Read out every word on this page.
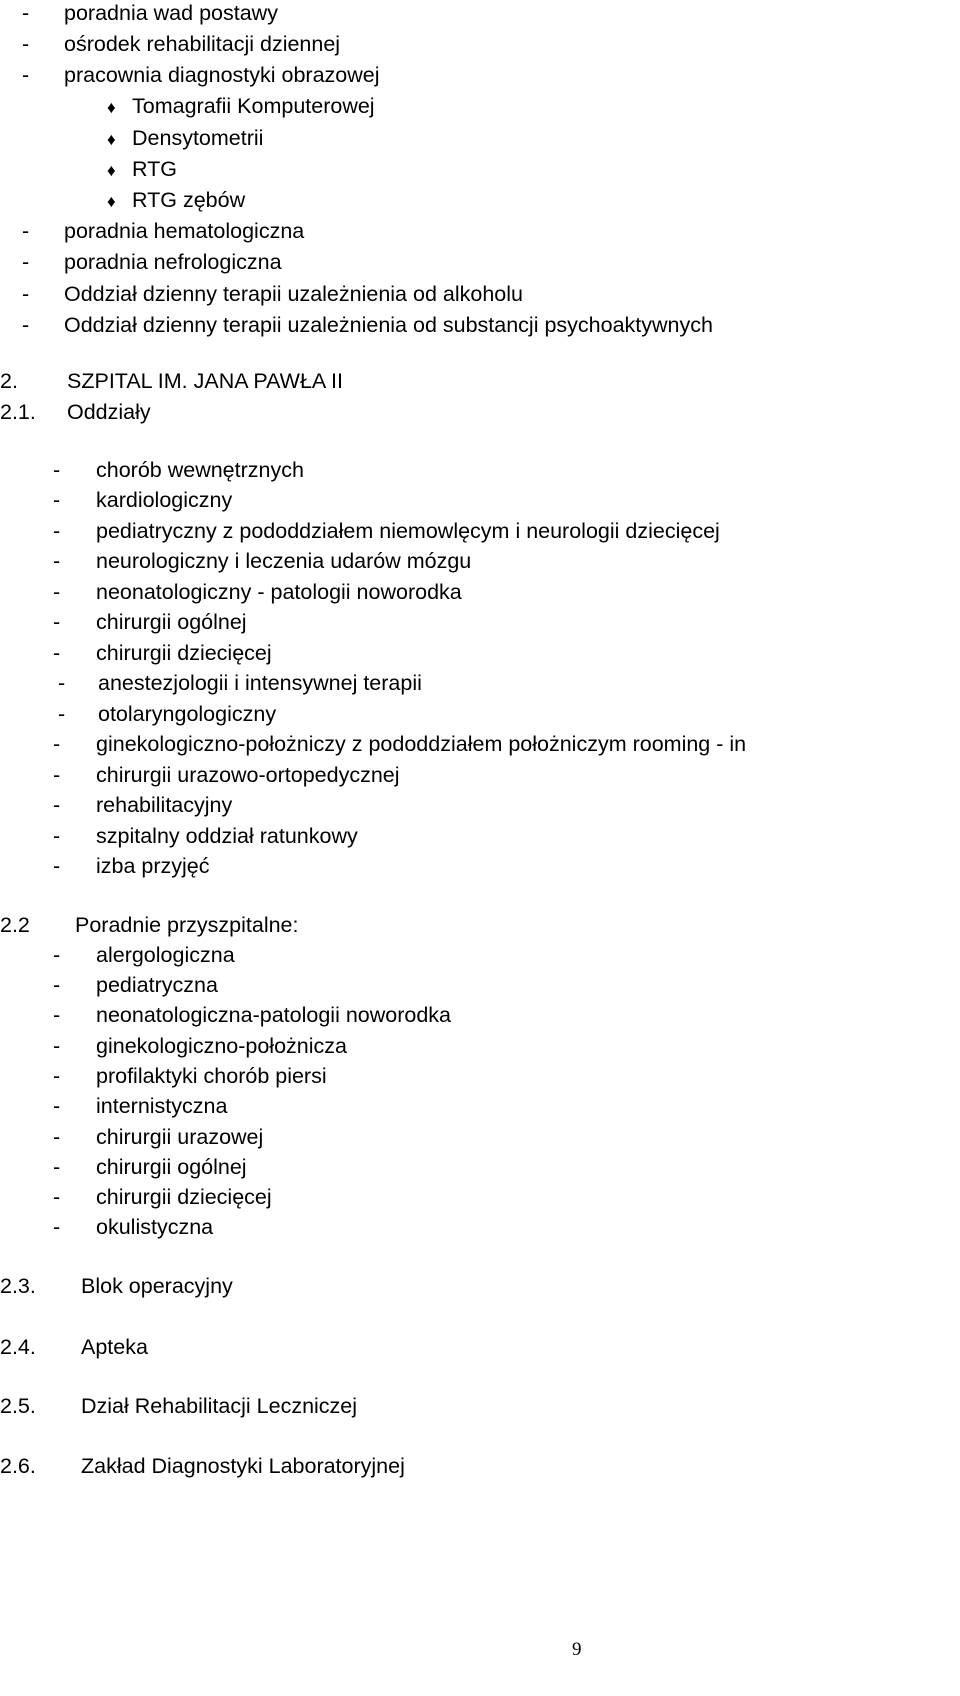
- poradnia wad postawy
- ośrodek rehabilitacji dziennej
- pracownia diagnostyki obrazowej
♦ Tomagrafii Komputerowej
♦ Densytometrii
♦ RTG
♦ RTG zębów
- poradnia hematologiczna
- poradnia nefrologiczna
- Oddział dzienny terapii uzależnienia od alkoholu
- Oddział dzienny terapii uzależnienia od substancji psychoaktywnych
2. SZPITAL IM. JANA PAWŁA II
2.1. Oddziały
- chorób wewnętrznych
- kardiologiczny
- pediatryczny z pododdziałem niemowlęcym i neurologii dziecięcej
- neurologiczny i leczenia udarów mózgu
- neonatologiczny - patologii noworodka
- chirurgii ogólnej
- chirurgii dziecięcej
- anestezjologii i intensywnej terapii
- otolaryngologiczny
- ginekologiczno-położniczy z pododdziałem położniczym rooming - in
- chirurgii urazowo-ortopedycznej
- rehabilitacyjny
- szpitalny oddział ratunkowy
- izba przyjęć
2.2 Poradnie przyszpitalne:
- alergologiczna
- pediatryczna
- neonatologiczna-patologii noworodka
- ginekologiczno-położnicza
- profilaktyki chorób piersi
- internistyczna
- chirurgii urazowej
- chirurgii ogólnej
- chirurgii dziecięcej
- okulistyczna
2.3. Blok operacyjny
2.4. Apteka
2.5. Dział Rehabilitacji Leczniczej
2.6. Zakład Diagnostyki Laboratoryjnej
9
